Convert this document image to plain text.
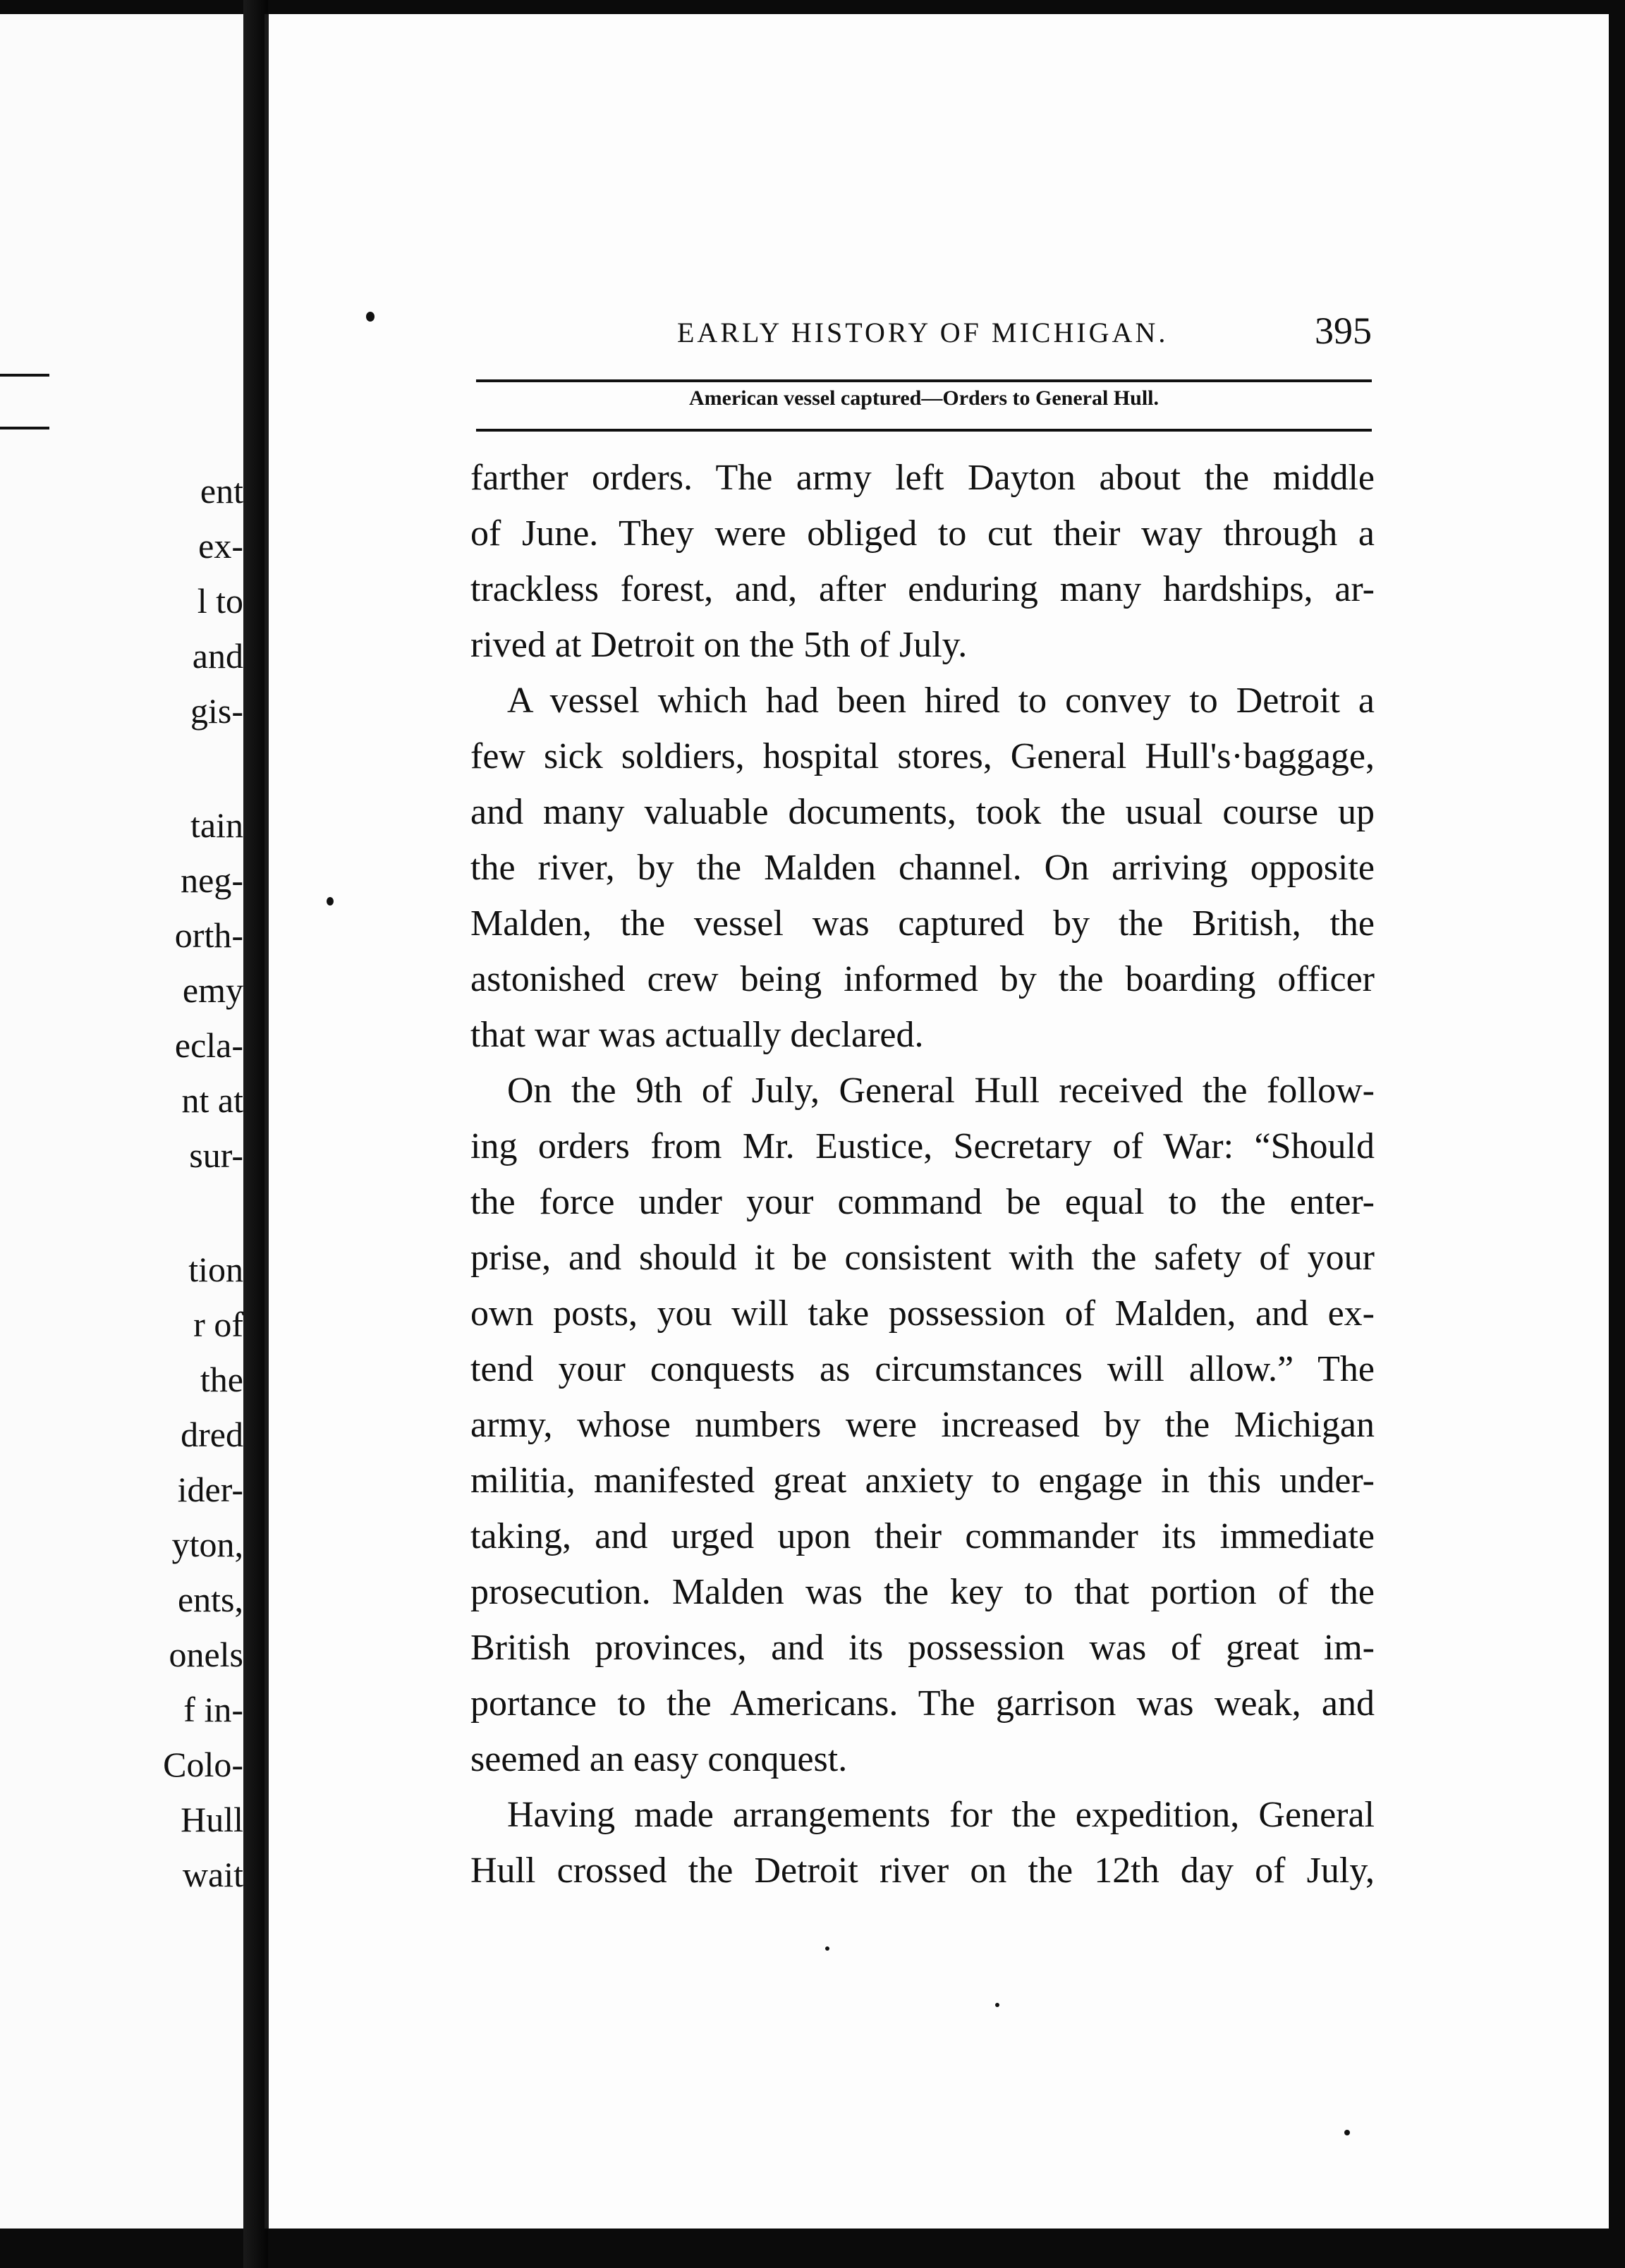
ent
ex-
l to
and
gis-
tain
neg-
orth-
emy
ecla-
nt at
sur-
tion
r of
the
dred
ider-
yton,
ents,
onels
f in-
Colo-
Hull
wait
EARLY HISTORY OF MICHIGAN.	395
American vessel captured—Orders to General Hull.
farther orders. The army left Dayton about the middle
of June. They were obliged to cut their way through a
trackless forest, and, after enduring many hardships, ar-
rived at Detroit on the 5th of July.
A vessel which had been hired to convey to Detroit a
few sick soldiers, hospital stores, General Hull's·baggage,
and many valuable documents, took the usual course up
the river, by the Malden channel. On arriving opposite
Malden, the vessel was captured by the British, the
astonished crew being informed by the boarding officer
that war was actually declared.
On the 9th of July, General Hull received the follow-
ing orders from Mr. Eustice, Secretary of War: “Should
the force under your command be equal to the enter-
prise, and should it be consistent with the safety of your
own posts, you will take possession of Malden, and ex-
tend your conquests as circumstances will allow.” The
army, whose numbers were increased by the Michigan
militia, manifested great anxiety to engage in this under-
taking, and urged upon their commander its immediate
prosecution. Malden was the key to that portion of the
British provinces, and its possession was of great im-
portance to the Americans. The garrison was weak, and
seemed an easy conquest.
Having made arrangements for the expedition, General
Hull crossed the Detroit river on the 12th day of July,
